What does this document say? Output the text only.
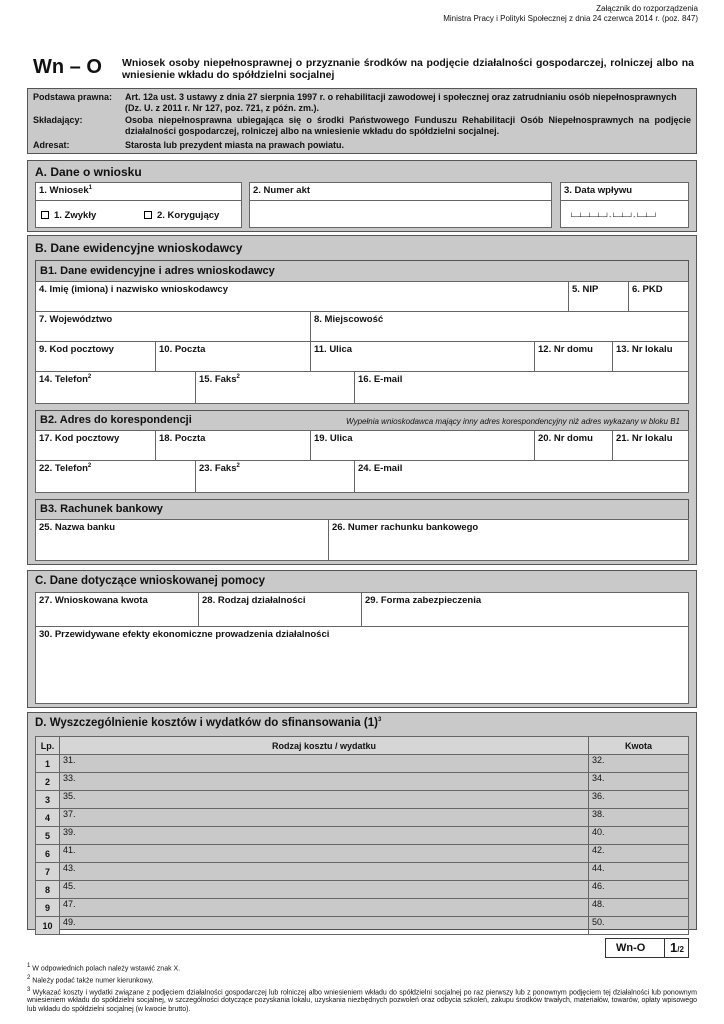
Załącznik do rozporządzenia
Ministra Pracy i Polityki Społecznej z dnia 24 czerwca 2014 r. (poz. 847)
Wn – O Wniosek osoby niepełnosprawnej o przyznanie środków na podjęcie działalności gospodarczej, rolniczej albo na wniesienie wkładu do spółdzielni socjalnej
Podstawa prawna: Art. 12a ust. 3 ustawy z dnia 27 sierpnia 1997 r. o rehabilitacji zawodowej i społecznej oraz zatrudnianiu osób niepełnosprawnych (Dz. U. z 2011 r. Nr 127, poz. 721, z późn. zm.).
Składający:	Osoba niepełnosprawna ubiegająca się o środki Państwowego Funduszu Rehabilitacji Osób Niepełnosprawnych na podjęcie działalności gospodarczej, rolniczej albo na wniesienie wkładu do spółdzielni socjalnej.
Adresat:	Starosta lub prezydent miasta na prawach powiatu.
A. Dane o wniosku
1. Wniosek$^1$
1. Zwykły	2. Korygujący
2. Numer akt	3. Data wpływu
└─┴─┴─┴─┘-└─┴─┘-└─┴─┘
B. Dane ewidencyjne wnioskodawcy
B1. Dane ewidencyjne i adres wnioskodawcy
4. Imię (imiona) i nazwisko wnioskodawcy	5. NIP	6. PKD
7. Województwo	8. Miejscowość
9. Kod pocztowy	10. Poczta	11. Ulica	12. Nr domu 13. Nr lokalu
14. Telefon$^2$	15. Faks$^2$	16. E-mail
B2. Adres do korespondencji	Wypełnia wnioskodawca mający inny adres korespondencyjny niż adres wykazany w bloku B1
17. Kod pocztowy	18. Poczta	19. Ulica	20. Nr domu 21. Nr lokalu
22. Telefon$^2$	23. Faks$^2$	24. E-mail
B3. Rachunek bankowy
25. Nazwa banku	26. Numer rachunku bankowego
C. Dane dotyczące wnioskowanej pomocy
27. Wnioskowana kwota	28. Rodzaj działalności	29. Forma zabezpieczenia
30. Przewidywane efekty ekonomiczne prowadzenia działalności
D. Wyszczególnienie kosztów i wydatków do sfinansowania $(1)^3$
Lp.	Rodzaj kosztu / wydatku	Kwota
1	31.	32.
2	33.	34.
3	35.	36.
4	37.	38.
5	39.	40.
6	41.	42.
7	43.	44.
8	45.	46.
9	47.	48.
10	49.	50.
Wn-O 1/2
$^1$ W odpowiednich polach należy wstawić znak X.
$^2$ Należy podać także numer kierunkowy.
$^3$ Wykazać koszty i wydatki związane z podjęciem działalności gospodarczej lub rolniczej albo wniesieniem wkładu do spółdzielni socjalnej po raz pierwszy lub z ponownym podjęciem tej działalności lub ponownym wniesieniem wkładu do spółdzielni socjalnej, w szczególności dotyczące pozyskania lokalu, uzyskania niezbędnych pozwoleń oraz odbycia szkoleń, zakupu środków trwałych, materiałów, towarów, opłaty wpisowego lub wkładu do spółdzielni socjalnej (w kwocie brutto).
